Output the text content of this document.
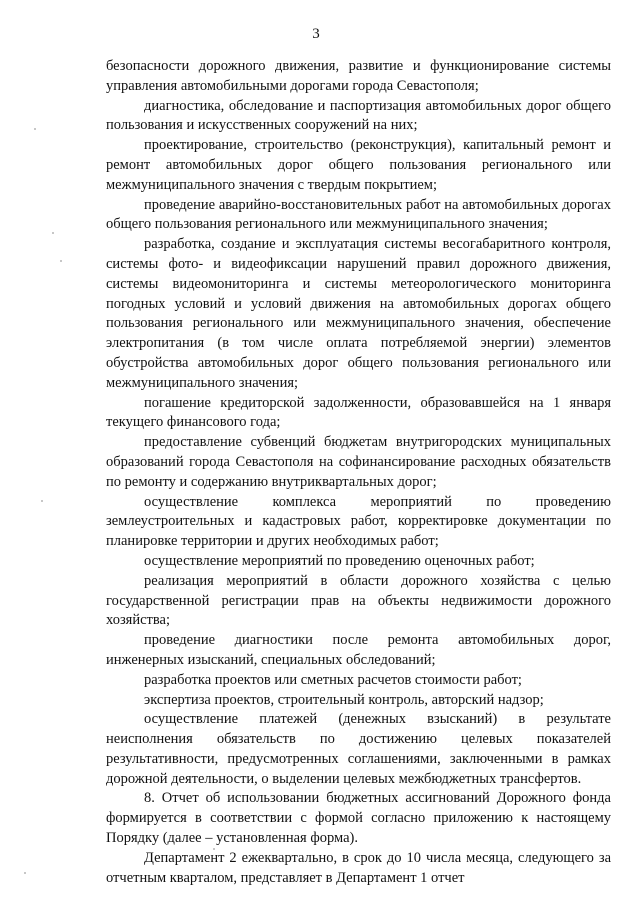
3

безопасности дорожного движения, развитие и функционирование системы управления автомобильными дорогами города Севастополя;

диагностика, обследование и паспортизация автомобильных дорог общего пользования и искусственных сооружений на них;

проектирование, строительство (реконструкция), капитальный ремонт и ремонт автомобильных дорог общего пользования регионального или межмуниципального значения с твердым покрытием;

проведение аварийно-восстановительных работ на автомобильных дорогах общего пользования регионального или межмуниципального значения;

разработка, создание и эксплуатация системы весогабаритного контроля, системы фото- и видеофиксации нарушений правил дорожного движения, системы видеомониторинга и системы метеорологического мониторинга погодных условий и условий движения на автомобильных дорогах общего пользования регионального или межмуниципального значения, обеспечение электропитания (в том числе оплата потребляемой энергии) элементов обустройства автомобильных дорог общего пользования регионального или межмуниципального значения;

погашение кредиторской задолженности, образовавшейся на 1 января текущего финансового года;

предоставление субвенций бюджетам внутригородских муниципальных образований города Севастополя на софинансирование расходных обязательств по ремонту и содержанию внутриквартальных дорог;

осуществление комплекса мероприятий по проведению землеустроительных и кадастровых работ, корректировке документации по планировке территории и других необходимых работ;

осуществление мероприятий по проведению оценочных работ;

реализация мероприятий в области дорожного хозяйства с целью государственной регистрации прав на объекты недвижимости дорожного хозяйства;

проведение диагностики после ремонта автомобильных дорог, инженерных изысканий, специальных обследований;

разработка проектов или сметных расчетов стоимости работ;

экспертиза проектов, строительный контроль, авторский надзор;

осуществление платежей (денежных взысканий) в результате неисполнения обязательств по достижению целевых показателей результативности, предусмотренных соглашениями, заключенными в рамках дорожной деятельности, о выделении целевых межбюджетных трансфертов.

8. Отчет об использовании бюджетных ассигнований Дорожного фонда формируется в соответствии с формой согласно приложению к настоящему Порядку (далее – установленная форма).

Департамент 2 ежеквартально, в срок до 10 числа месяца, следующего за отчетным кварталом, представляет в Департамент 1 отчет
